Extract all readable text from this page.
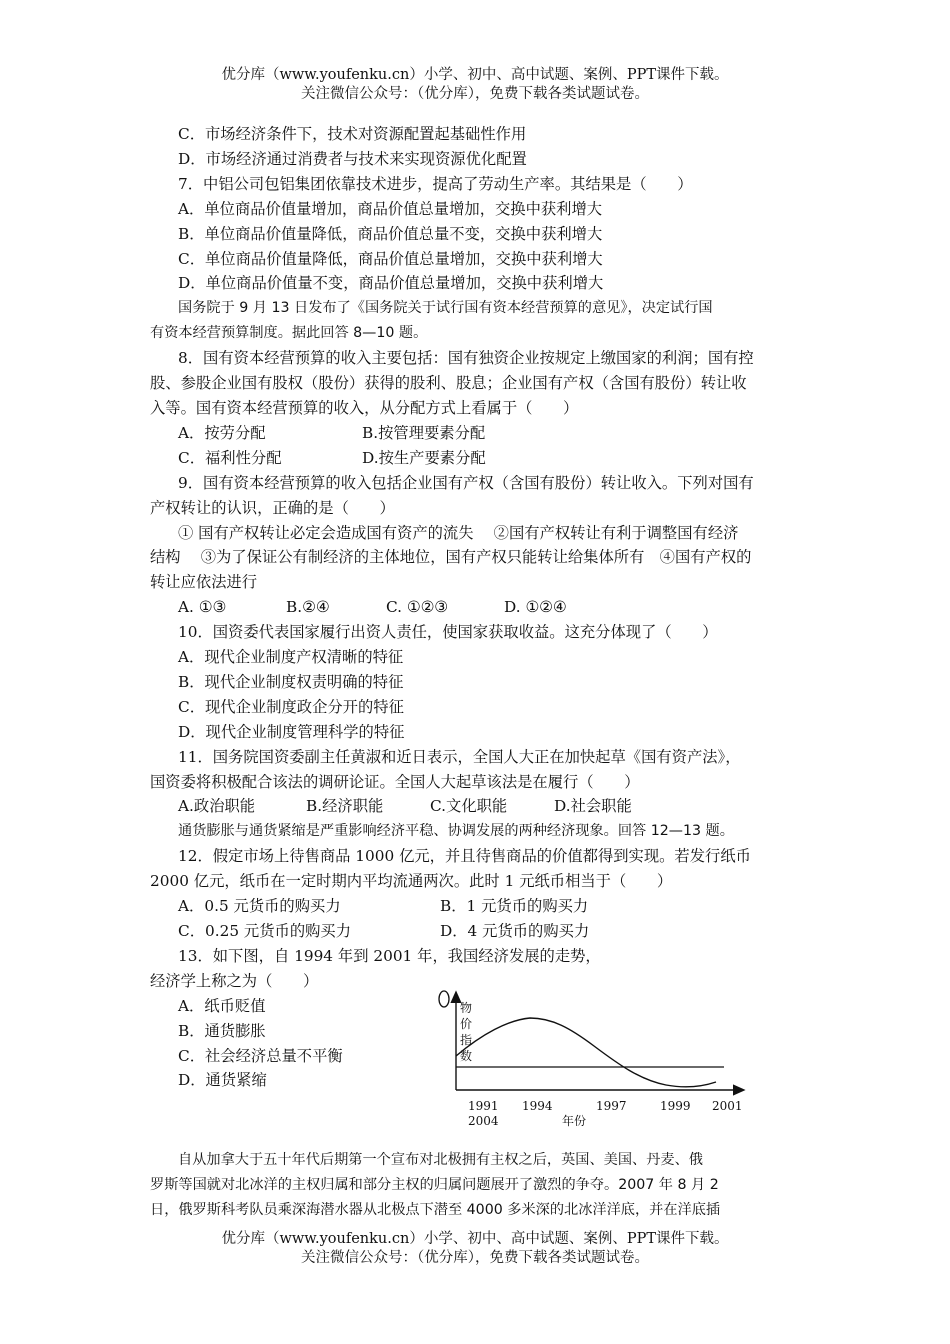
优分库（www.youfenku.cn）小学、初中、高中试题、案例、PPT课件下载。
关注微信公众号：（优分库），免费下载各类试题试卷。

C．市场经济条件下，技术对资源配置起基础性作用

D．市场经济通过消费者与技术来实现资源优化配置

7．中铝公司包铝集团依靠技术进步，提高了劳动生产率。其结果是（　　）

A．单位商品价值量增加，商品价值总量增加，交换中获利增大

B．单位商品价值量降低，商品价值总量不变，交换中获利增大

C．单位商品价值量降低，商品价值总量增加，交换中获利增大

D．单位商品价值量不变，商品价值总量增加，交换中获利增大

国务院于 9 月 13 日发布了《国务院关于试行国有资本经营预算的意见》，决定试行国

有资本经营预算制度。据此回答 8—10 题。

8．国有资本经营预算的收入主要包括：国有独资企业按规定上缴国家的利润；国有控

股、参股企业国有股权（股份）获得的股利、股息；企业国有产权（含国有股份）转让收

入等。国有资本经营预算的收入，从分配方式上看属于（　　）

A．按劳分配	B.按管理要素分配

C．福利性分配	D.按生产要素分配

9．国有资本经营预算的收入包括企业国有产权（含国有股份）转让收入。下列对国有

产权转让的认识，正确的是（　　）

① 国有产权转让必定会造成国有资产的流失　 ②国有产权转让有利于调整国有经济

结构　 ③为了保证公有制经济的主体地位，国有产权只能转让给集体所有　④国有产权的

转让应依法进行

A. ①③	B.②④	C. ①②③	D. ①②④

10．国资委代表国家履行出资人责任，使国家获取收益。这充分体现了（　　）

A．现代企业制度产权清晰的特征

B．现代企业制度权责明确的特征

C．现代企业制度政企分开的特征

D．现代企业制度管理科学的特征

11．国务院国资委副主任黄淑和近日表示，全国人大正在加快起草《国有资产法》，

国资委将积极配合该法的调研论证。全国人大起草该法是在履行（　　）

A.政治职能	B.经济职能	C.文化职能	D.社会职能

通货膨胀与通货紧缩是严重影响经济平稳、协调发展的两种经济现象。回答 12—13 题。

12．假定市场上待售商品 1000 亿元，并且待售商品的价值都得到实现。若发行纸币

2000 亿元，纸币在一定时期内平均流通两次。此时 1 元纸币相当于（　　）

A．0.5 元货币的购买力	B．1 元货币的购买力

C．0.25 元货币的购买力	D．4 元货币的购买力

13．如下图，自 1994 年到 2001 年，我国经济发展的走势，

经济学上称之为（　　）

A．纸币贬值

B．通货膨胀

C．社会经济总量不平衡

D．通货紧缩

物
价
指
数
1991 1994	1997	1999 2001
2004	年份

自从加拿大于五十年代后期第一个宣布对北极拥有主权之后，英国、美国、丹麦、俄

罗斯等国就对北冰洋的主权归属和部分主权的归属问题展开了激烈的争夺。2007 年 8 月 2

日，俄罗斯科考队员乘深海潜水器从北极点下潜至 4000 多米深的北冰洋洋底，并在洋底插

优分库（www.youfenku.cn）小学、初中、高中试题、案例、PPT课件下载。
关注微信公众号：（优分库），免费下载各类试题试卷。
